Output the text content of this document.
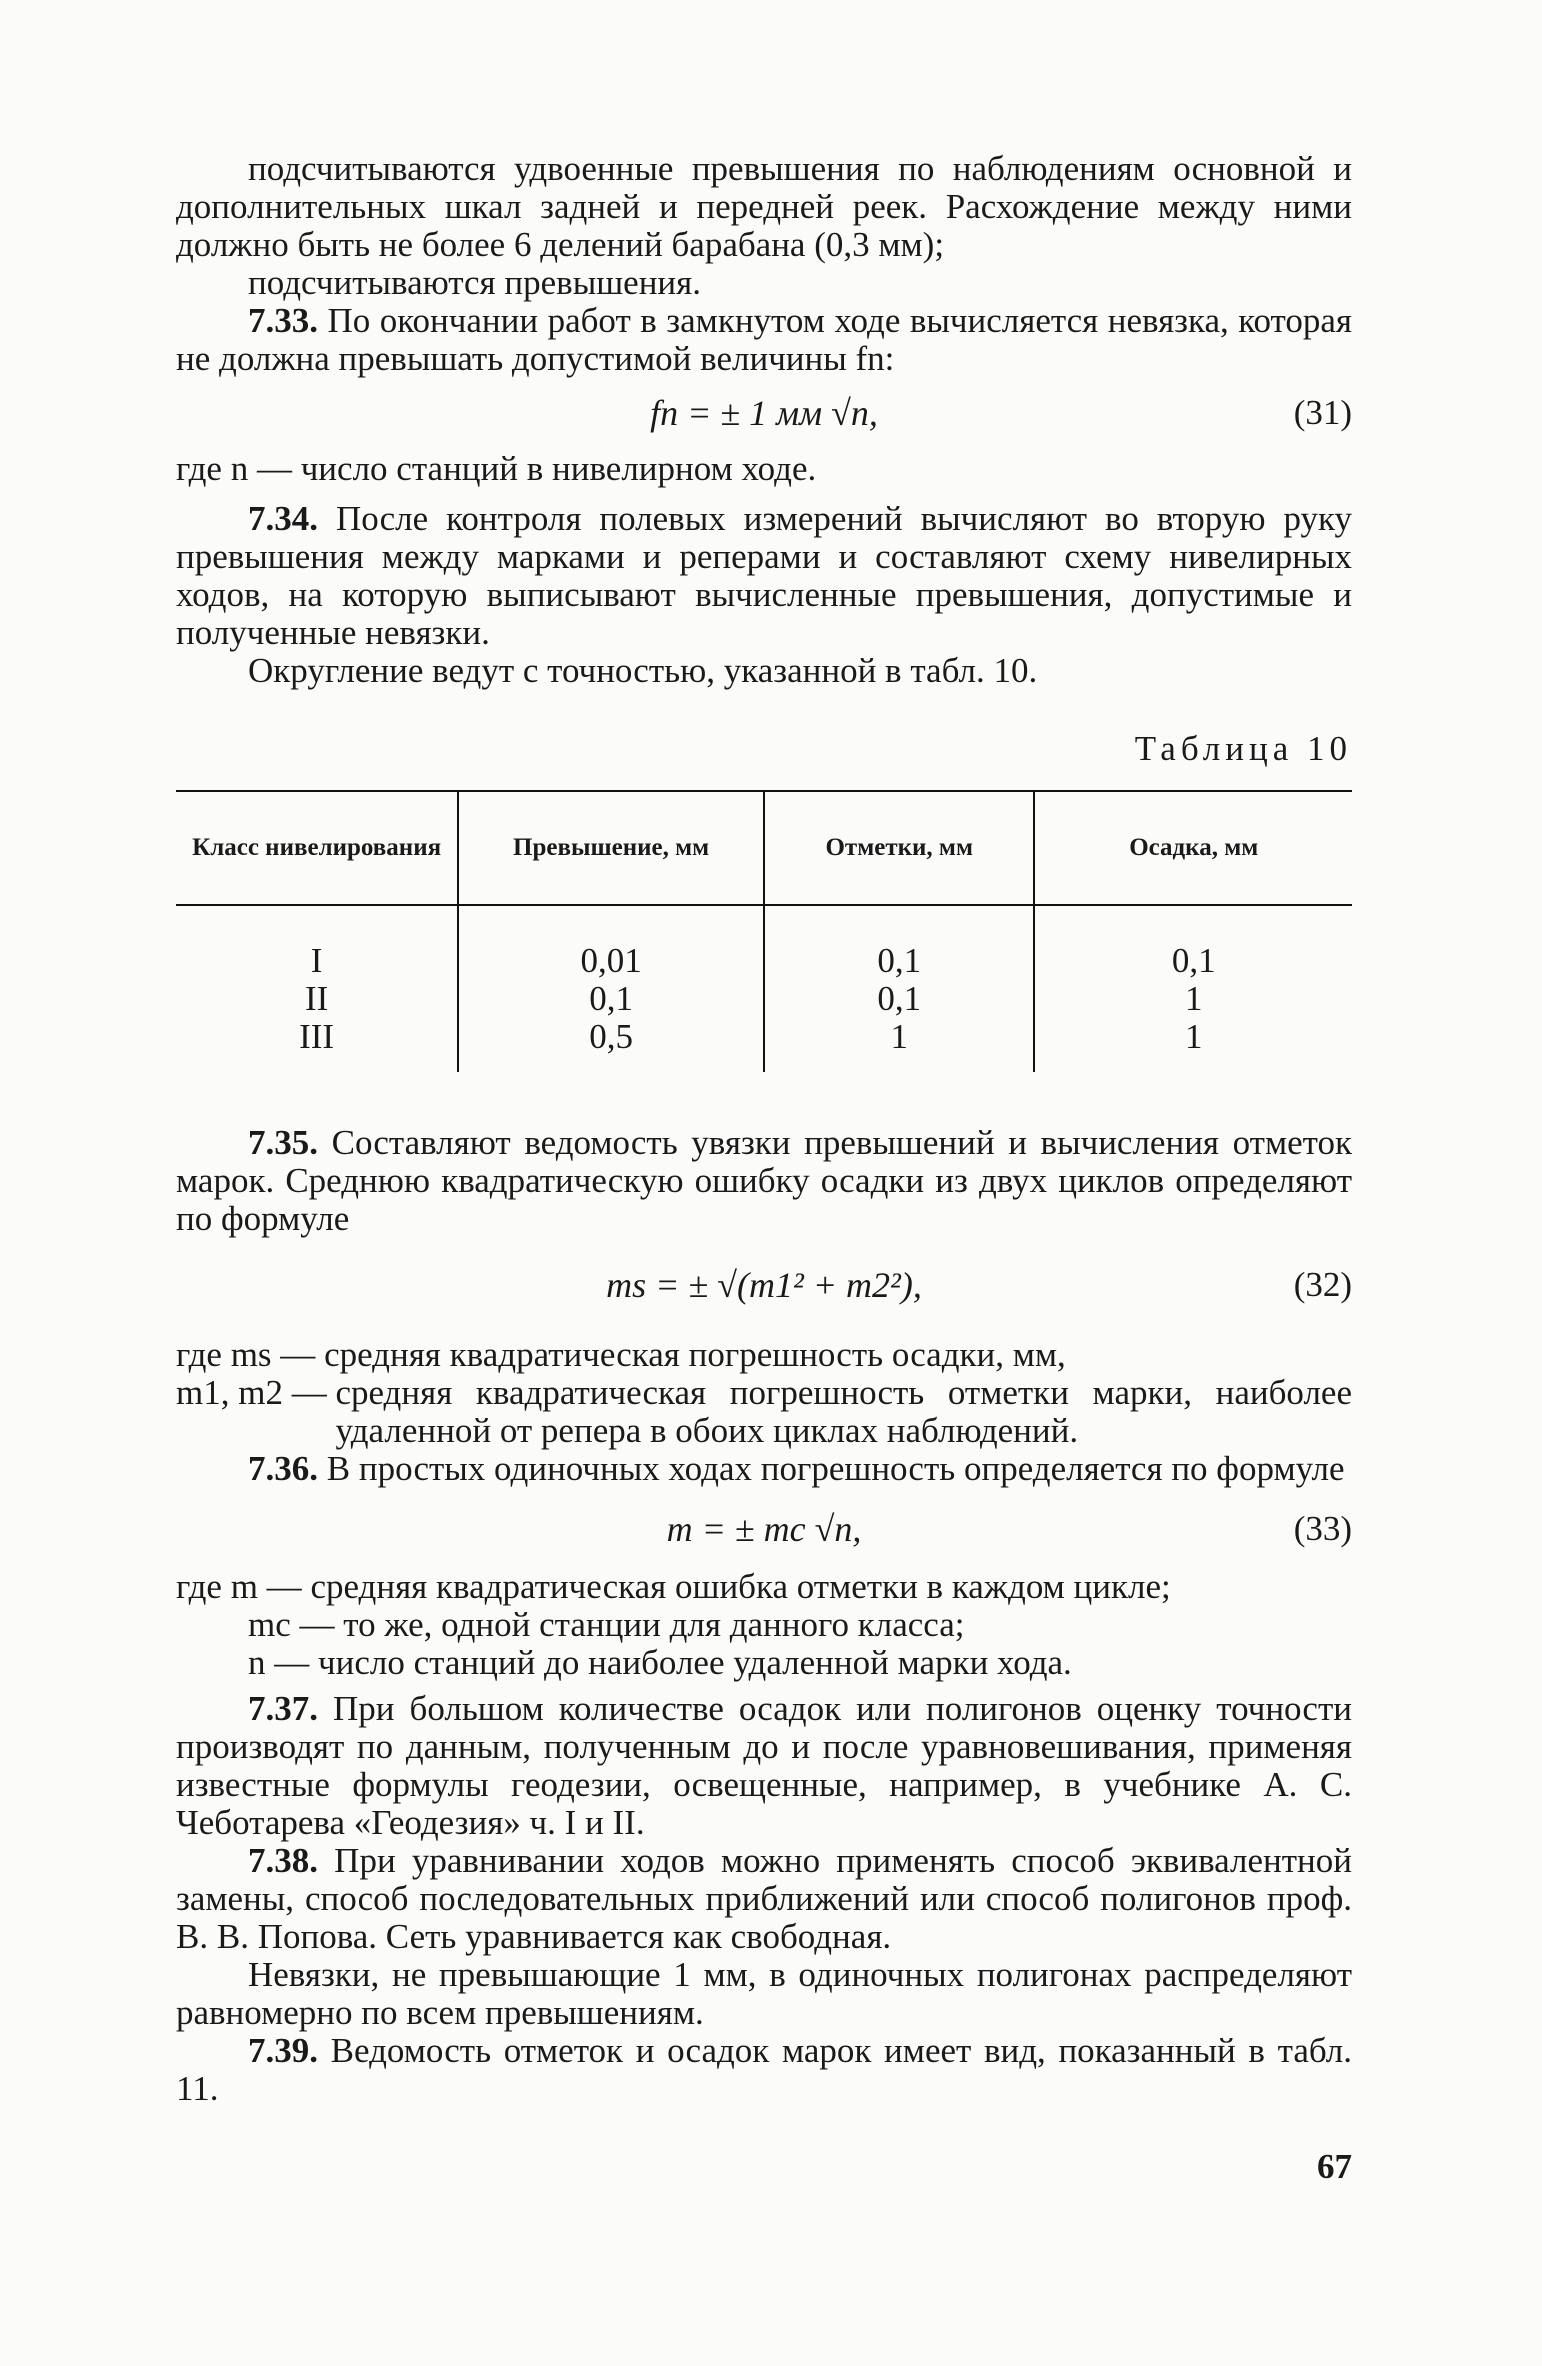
подсчитываются удвоенные превышения по наблюдениям основной и дополнительных шкал задней и передней реек. Расхождение между ними должно быть не более 6 делений барабана (0,3 мм);

подсчитываются превышения.

7.33. По окончании работ в замкнутом ходе вычисляется невязка, которая не должна превышать допустимой величины fn:

fn = ± 1 мм √n,	(31)

где n — число станций в нивелирном ходе.

7.34. После контроля полевых измерений вычисляют во вторую руку превышения между марками и реперами и составляют схему нивелирных ходов, на которую выписывают вычисленные превышения, допустимые и полученные невязки.

Округление ведут с точностью, указанной в табл. 10.

Таблица 10
Класс нивелирования	Превышение, мм	Отметки, мм	Осадка, мм
I	0,01	0,1	0,1
II	0,1	0,1	1
III	0,5	1	1

7.35. Составляют ведомость увязки превышений и вычисления отметок марок. Среднюю квадратическую ошибку осадки из двух циклов определяют по формуле

ms = ± √(m1² + m2²),	(32)
где ms —
средняя квадратическая погрешность осадки, мм,
m1, m2 —
средняя квадратическая погрешность отметки марки, наиболее удаленной от репера в обоих циклах наблюдений.

7.36. В простых одиночных ходах погрешность определяется по формуле

m = ± mc √n,	(33)
где m —
средняя квадратическая ошибка отметки в каждом цикле;
mc —
то же, одной станции для данного класса;
n —
число станций до наиболее удаленной марки хода.

7.37. При большом количестве осадок или полигонов оценку точности производят по данным, полученным до и после уравновешивания, применяя известные формулы геодезии, освещенные, например, в учебнике А. С. Чеботарева «Геодезия» ч. I и II.

7.38. При уравнивании ходов можно применять способ эквивалентной замены, способ последовательных приближений или способ полигонов проф. В. В. Попова. Сеть уравнивается как свободная.

Невязки, не превышающие 1 мм, в одиночных полигонах распределяют равномерно по всем превышениям.

7.39. Ведомость отметок и осадок марок имеет вид, показанный в табл. 11.

67
